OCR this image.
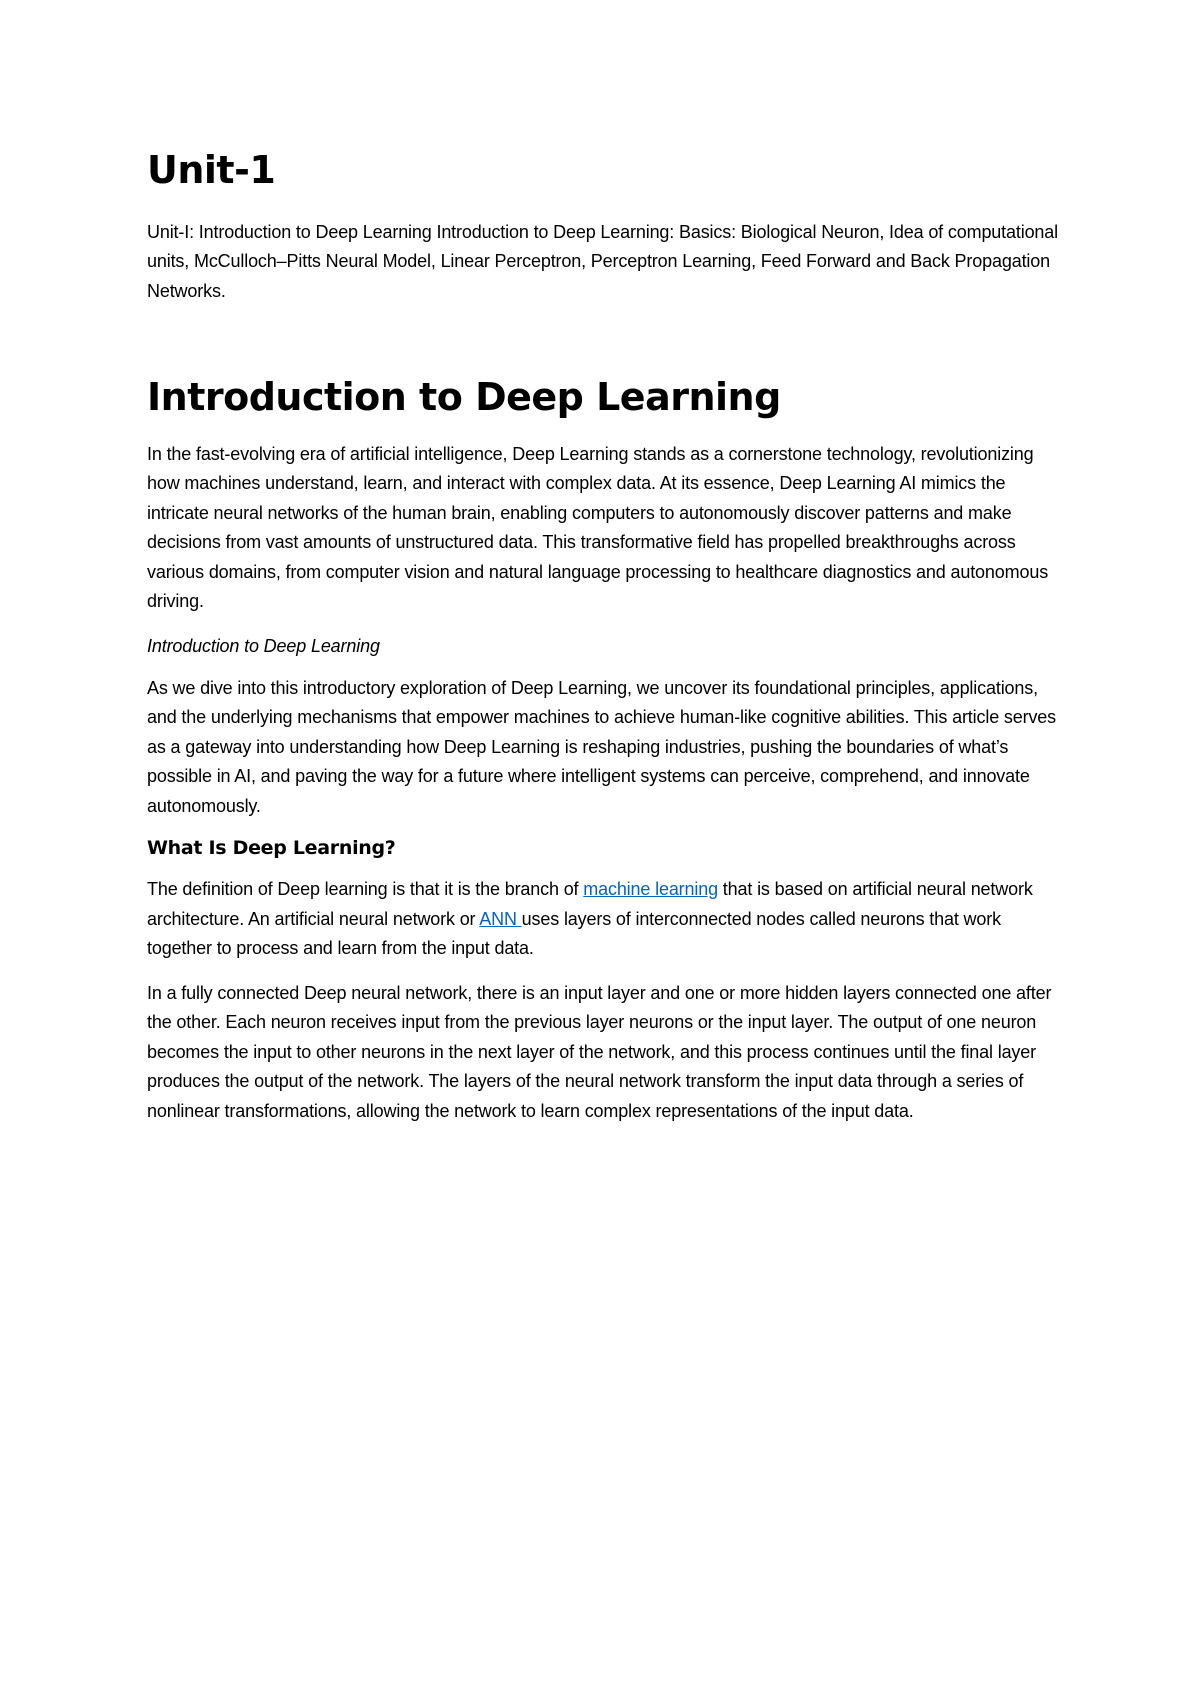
Unit-1

Unit-I: Introduction to Deep Learning Introduction to Deep Learning: Basics: Biological Neuron, Idea of computational units, McCulloch–Pitts Neural Model, Linear Perceptron, Perceptron Learning, Feed Forward and Back Propagation Networks.

Introduction to Deep Learning

In the fast-evolving era of artificial intelligence, Deep Learning stands as a cornerstone technology, revolutionizing how machines understand, learn, and interact with complex data. At its essence, Deep Learning AI mimics the intricate neural networks of the human brain, enabling computers to autonomously discover patterns and make decisions from vast amounts of unstructured data. This transformative field has propelled breakthroughs across various domains, from computer vision and natural language processing to healthcare diagnostics and autonomous driving.

Introduction to Deep Learning

As we dive into this introductory exploration of Deep Learning, we uncover its foundational principles, applications, and the underlying mechanisms that empower machines to achieve human-like cognitive abilities. This article serves as a gateway into understanding how Deep Learning is reshaping industries, pushing the boundaries of what’s possible in AI, and paving the way for a future where intelligent systems can perceive, comprehend, and innovate autonomously.

What Is Deep Learning?

The definition of Deep learning is that it is the branch of machine learning that is based on artificial neural network architecture. An artificial neural network or ANN uses layers of interconnected nodes called neurons that work together to process and learn from the input data.

In a fully connected Deep neural network, there is an input layer and one or more hidden layers connected one after the other. Each neuron receives input from the previous layer neurons or the input layer. The output of one neuron becomes the input to other neurons in the next layer of the network, and this process continues until the final layer produces the output of the network. The layers of the neural network transform the input data through a series of nonlinear transformations, allowing the network to learn complex representations of the input data.
